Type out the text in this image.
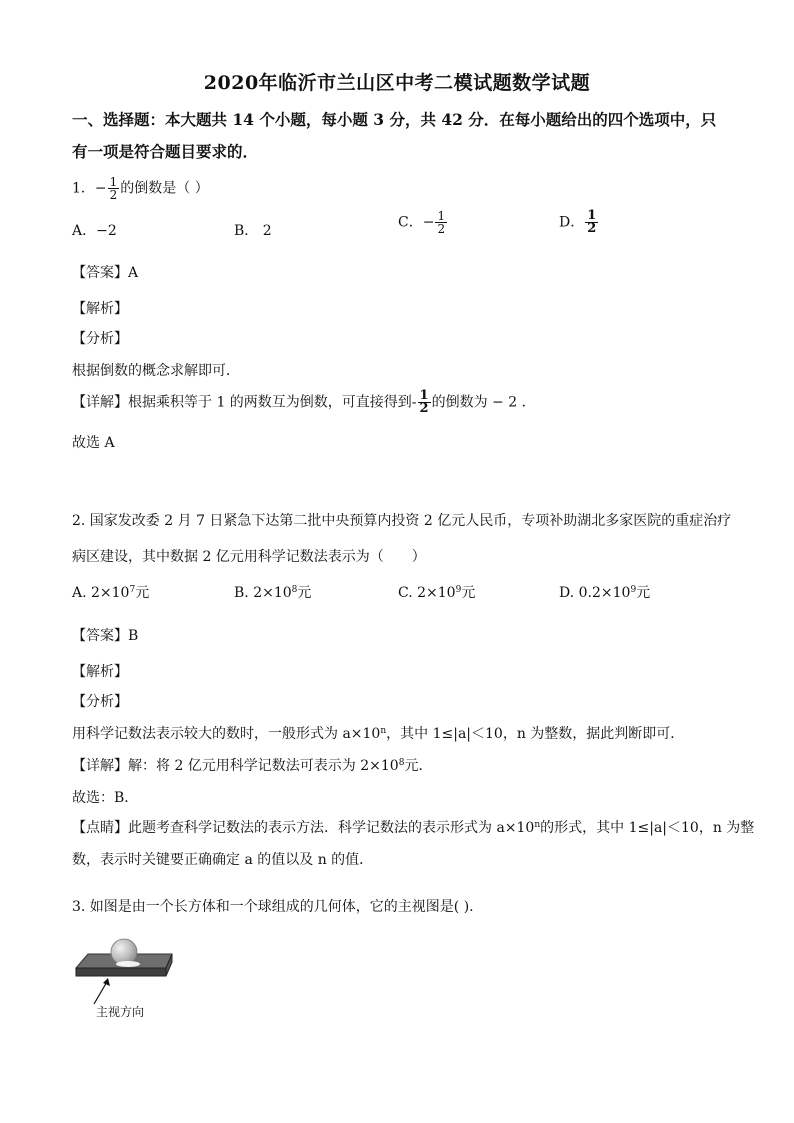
2020年临沂市兰山区中考二模试题数学试题
一、选择题：本大题共 14 个小题，每小题 3 分，共 42 分．在每小题给出的四个选项中，只
有一项是符合题目要求的．
1．− $\frac{1}{2}$ 的倒数是（ ）
A．−2	B． 2
C．− $\frac{1}{2}$	D． $\frac{1}{2}$
【答案】A
【解析】
【分析】
根据倒数的概念求解即可．
【详解】根据乘积等于 1 的两数互为倒数，可直接得到- $\frac{1}{2}$ 的倒数为 − 2 ．
故选 A
2. 国家发改委 2 月 7 日紧急下达第二批中央预算内投资 2 亿元人民币，专项补助湖北多家医院的重症治疗
病区建设，其中数据 2 亿元用科学记数法表示为（　　）
A. $2\times 10^7$元	B. $2\times 10^8$元	C. $2\times 10^9$元	D. $0.2\times 10^9$元
【答案】B
【解析】
【分析】
用科学记数法表示较大的数时，一般形式为 $a\times 10^n$，其中 1≤|a|＜10，n 为整数，据此判断即可．
【详解】解：将 2 亿元用科学记数法可表示为 $2\times 10^8$元．
故选：B．
【点睛】此题考查科学记数法的表示方法．科学记数法的表示形式为 $a\times 10^n$的形式，其中 1≤|a|＜10，n 为整
数，表示时关键要正确确定 a 的值以及 n 的值．
3. 如图是由一个长方体和一个球组成的几何体，它的主视图是( ).
主视方向
